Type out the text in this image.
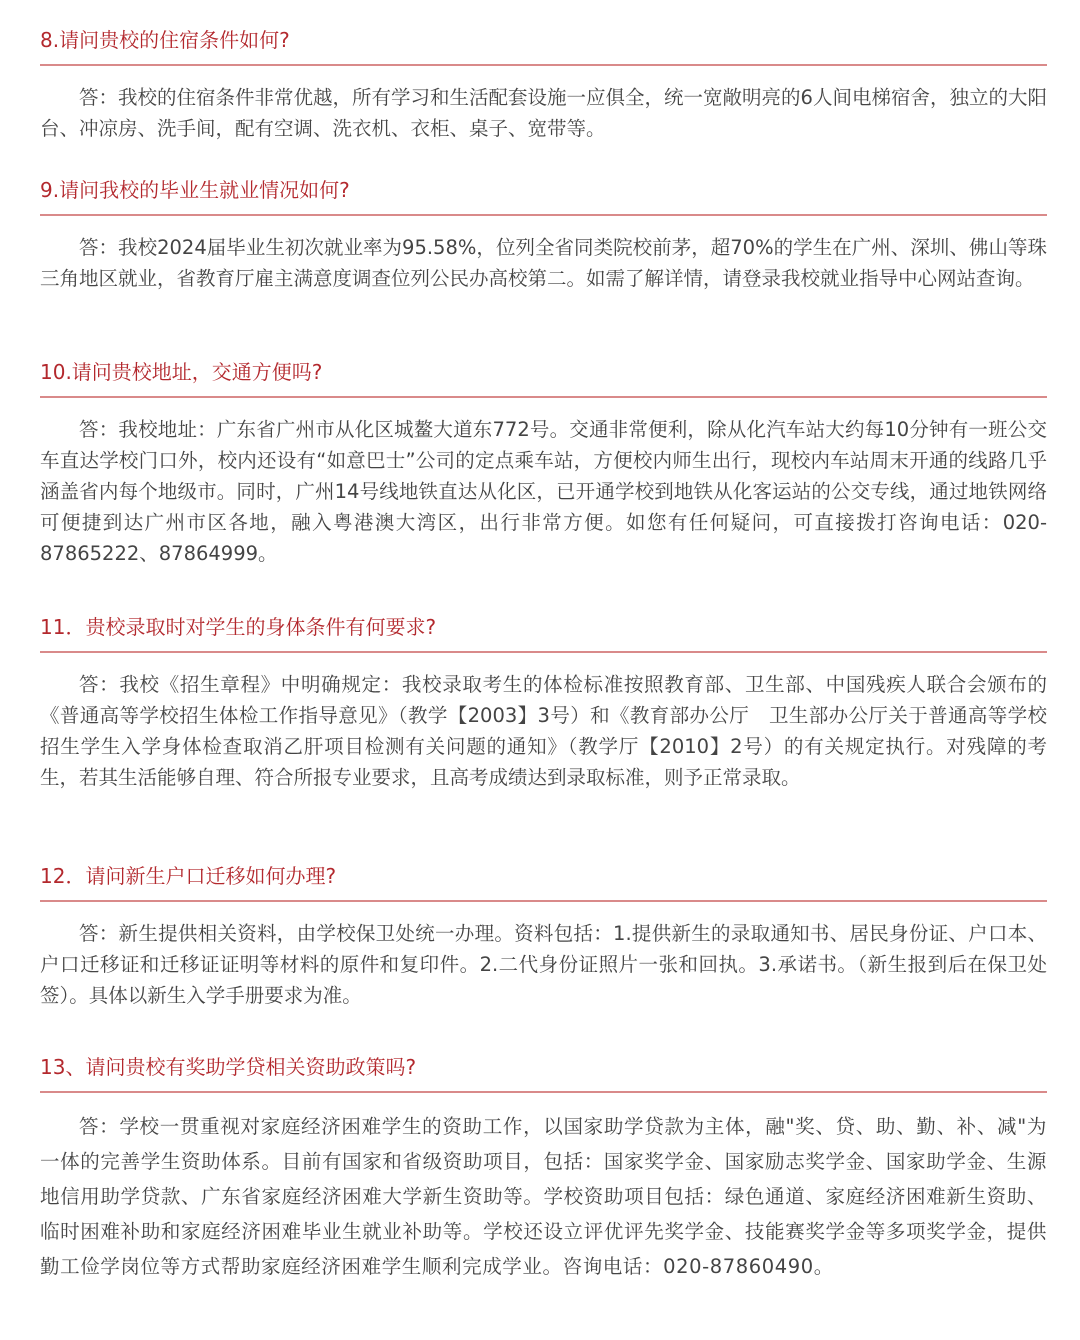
8.请问贵校的住宿条件如何?

答：我校的住宿条件非常优越，所有学习和生活配套设施一应俱全，统一宽敞明亮的6人间电梯宿舍，独立的大阳台、冲凉房、洗手间，配有空调、洗衣机、衣柜、桌子、宽带等。

9.请问我校的毕业生就业情况如何?

答：我校2024届毕业生初次就业率为95.58%，位列全省同类院校前茅，超70%的学生在广州、深圳、佛山等珠三角地区就业，省教育厅雇主满意度调查位列公民办高校第二。如需了解详情，请登录我校就业指导中心网站查询。

10.请问贵校地址，交通方便吗?

答：我校地址：广东省广州市从化区城鳌大道东772号。交通非常便利，除从化汽车站大约每10分钟有一班公交车直达学校门口外，校内还设有“如意巴士”公司的定点乘车站，方便校内师生出行，现校内车站周末开通的线路几乎涵盖省内每个地级市。同时，广州14号线地铁直达从化区，已开通学校到地铁从化客运站的公交专线，通过地铁网络可便捷到达广州市区各地，融入粤港澳大湾区，出行非常方便。如您有任何疑问，可直接拨打咨询电话：020-87865222、87864999。

11．贵校录取时对学生的身体条件有何要求?

答：我校《招生章程》中明确规定：我校录取考生的体检标准按照教育部、卫生部、中国残疾人联合会颁布的《普通高等学校招生体检工作指导意见》（教学【2003】3号）和《教育部办公厅　卫生部办公厅关于普通高等学校招生学生入学身体检查取消乙肝项目检测有关问题的通知》（教学厅【2010】2号）的有关规定执行。对残障的考生，若其生活能够自理、符合所报专业要求，且高考成绩达到录取标准，则予正常录取。

12．请问新生户口迁移如何办理?

答：新生提供相关资料，由学校保卫处统一办理。资料包括：1.提供新生的录取通知书、居民身份证、户口本、户口迁移证和迁移证证明等材料的原件和复印件。2.二代身份证照片一张和回执。3.承诺书。（新生报到后在保卫处签）。具体以新生入学手册要求为准。

13、请问贵校有奖助学贷相关资助政策吗?

答：学校一贯重视对家庭经济困难学生的资助工作，以国家助学贷款为主体，融"奖、贷、助、勤、补、减"为一体的完善学生资助体系。目前有国家和省级资助项目，包括：国家奖学金、国家励志奖学金、国家助学金、生源地信用助学贷款、广东省家庭经济困难大学新生资助等。学校资助项目包括：绿色通道、家庭经济困难新生资助、临时困难补助和家庭经济困难毕业生就业补助等。学校还设立评优评先奖学金、技能赛奖学金等多项奖学金，提供勤工俭学岗位等方式帮助家庭经济困难学生顺利完成学业。咨询电话：020-87860490。
